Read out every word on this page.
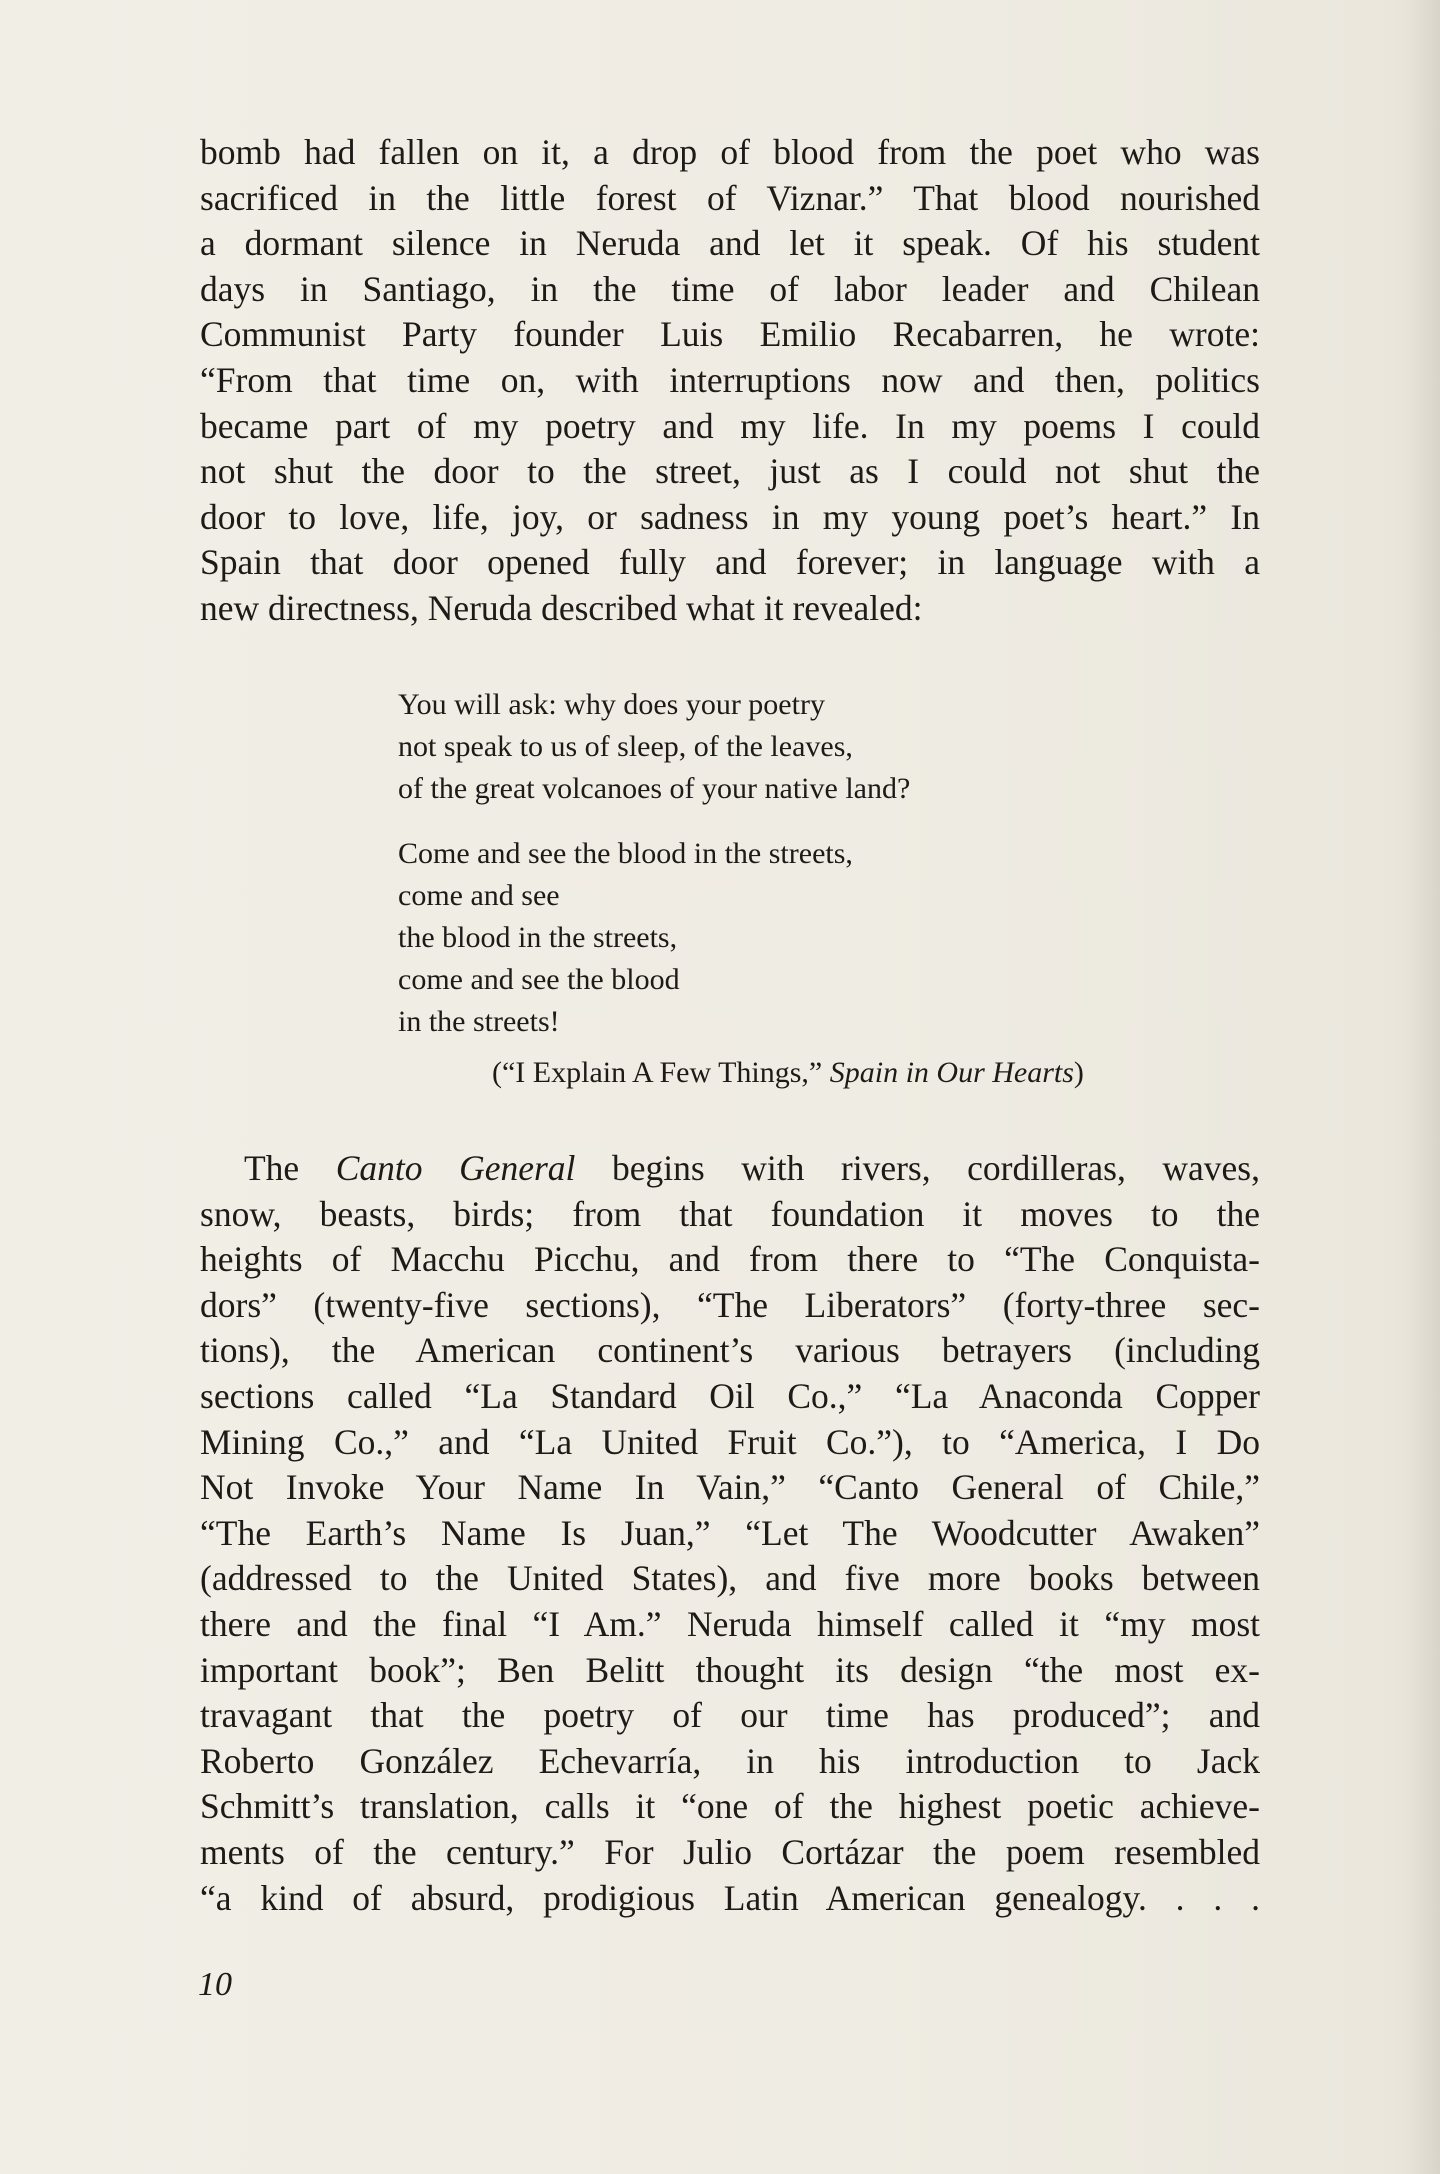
bomb had fallen on it, a drop of blood from the poet who was
sacrificed in the little forest of Viznar.” That blood nourished
a dormant silence in Neruda and let it speak. Of his student
days in Santiago, in the time of labor leader and Chilean
Communist Party founder Luis Emilio Recabarren, he wrote:
“From that time on, with interruptions now and then, politics
became part of my poetry and my life. In my poems I could
not shut the door to the street, just as I could not shut the
door to love, life, joy, or sadness in my young poet’s heart.” In
Spain that door opened fully and forever; in language with a
new directness, Neruda described what it revealed:
You will ask: why does your poetry
not speak to us of sleep, of the leaves,
of the great volcanoes of your native land?
Come and see the blood in the streets,
come and see
the blood in the streets,
come and see the blood
in the streets!

(“I Explain A Few Things,” Spain in Our Hearts)

The Canto General begins with rivers, cordilleras, waves,
snow, beasts, birds; from that foundation it moves to the
heights of Macchu Picchu, and from there to “The Conquista-
dors” (twenty-five sections), “The Liberators” (forty-three sec-
tions), the American continent’s various betrayers (including
sections called “La Standard Oil Co.,” “La Anaconda Copper
Mining Co.,” and “La United Fruit Co.”), to “America, I Do
Not Invoke Your Name In Vain,” “Canto General of Chile,”
“The Earth’s Name Is Juan,” “Let The Woodcutter Awaken”
(addressed to the United States), and five more books between
there and the final “I Am.” Neruda himself called it “my most
important book”; Ben Belitt thought its design “the most ex-
travagant that the poetry of our time has produced”; and
Roberto González Echevarría, in his introduction to Jack
Schmitt’s translation, calls it “one of the highest poetic achieve-
ments of the century.” For Julio Cortázar the poem resembled
“a kind of absurd, prodigious Latin American genealogy. . . .

10
